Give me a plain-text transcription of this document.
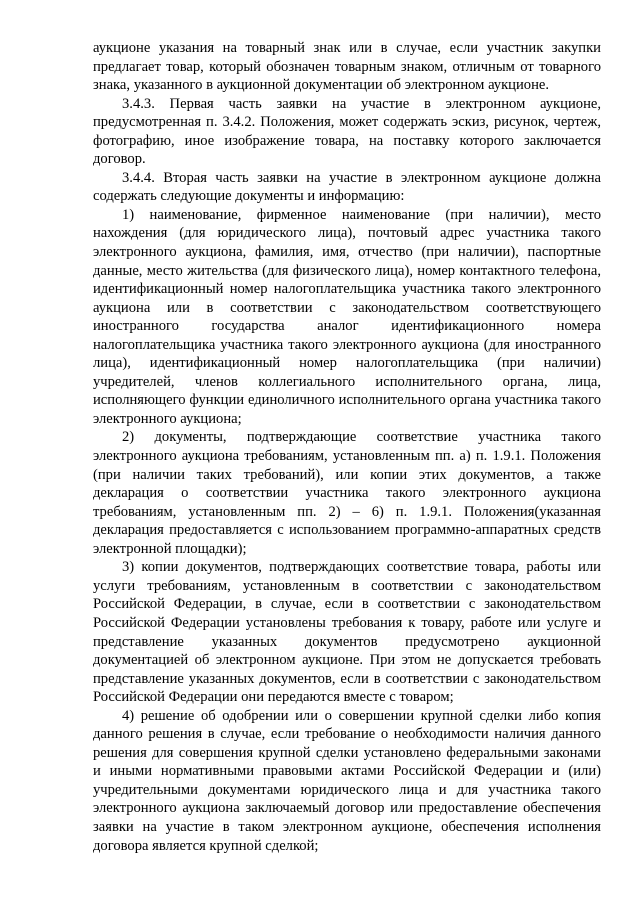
аукционе указания на товарный знак или в случае, если участник закупки предлагает товар, который обозначен товарным знаком, отличным от товарного знака, указанного в аукционной документации об электронном аукционе.

3.4.3. Первая часть заявки на участие в электронном аукционе, предусмотренная п. 3.4.2. Положения, может содержать эскиз, рисунок, чертеж, фотографию, иное изображение товара, на поставку которого заключается договор.

3.4.4. Вторая часть заявки на участие в электронном аукционе должна содержать следующие документы и информацию:

1) наименование, фирменное наименование (при наличии), место нахождения (для юридического лица), почтовый адрес участника такого электронного аукциона, фамилия, имя, отчество (при наличии), паспортные данные, место жительства (для физического лица), номер контактного телефона, идентификационный номер налогоплательщика участника такого электронного аукциона или в соответствии с законодательством соответствующего иностранного государства аналог идентификационного номера налогоплательщика участника такого электронного аукциона (для иностранного лица), идентификационный номер налогоплательщика (при наличии) учредителей, членов коллегиального исполнительного органа, лица, исполняющего функции единоличного исполнительного органа участника такого электронного аукциона;

2) документы, подтверждающие соответствие участника такого электронного аукциона требованиям, установленным пп. а) п. 1.9.1. Положения (при наличии таких требований), или копии этих документов, а также декларация о соответствии участника такого электронного аукциона требованиям, установленным пп. 2) – 6) п. 1.9.1. Положения(указанная декларация предоставляется с использованием программно-аппаратных средств электронной площадки);

3) копии документов, подтверждающих соответствие товара, работы или услуги требованиям, установленным в соответствии с законодательством Российской Федерации, в случае, если в соответствии с законодательством Российской Федерации установлены требования к товару, работе или услуге и представление указанных документов предусмотрено аукционной документацией об электронном аукционе. При этом не допускается требовать представление указанных документов, если в соответствии с законодательством Российской Федерации они передаются вместе с товаром;

4) решение об одобрении или о совершении крупной сделки либо копия данного решения в случае, если требование о необходимости наличия данного решения для совершения крупной сделки установлено федеральными законами и иными нормативными правовыми актами Российской Федерации и (или) учредительными документами юридического лица и для участника такого электронного аукциона заключаемый договор или предоставление обеспечения заявки на участие в таком электронном аукционе, обеспечения исполнения договора является крупной сделкой;
